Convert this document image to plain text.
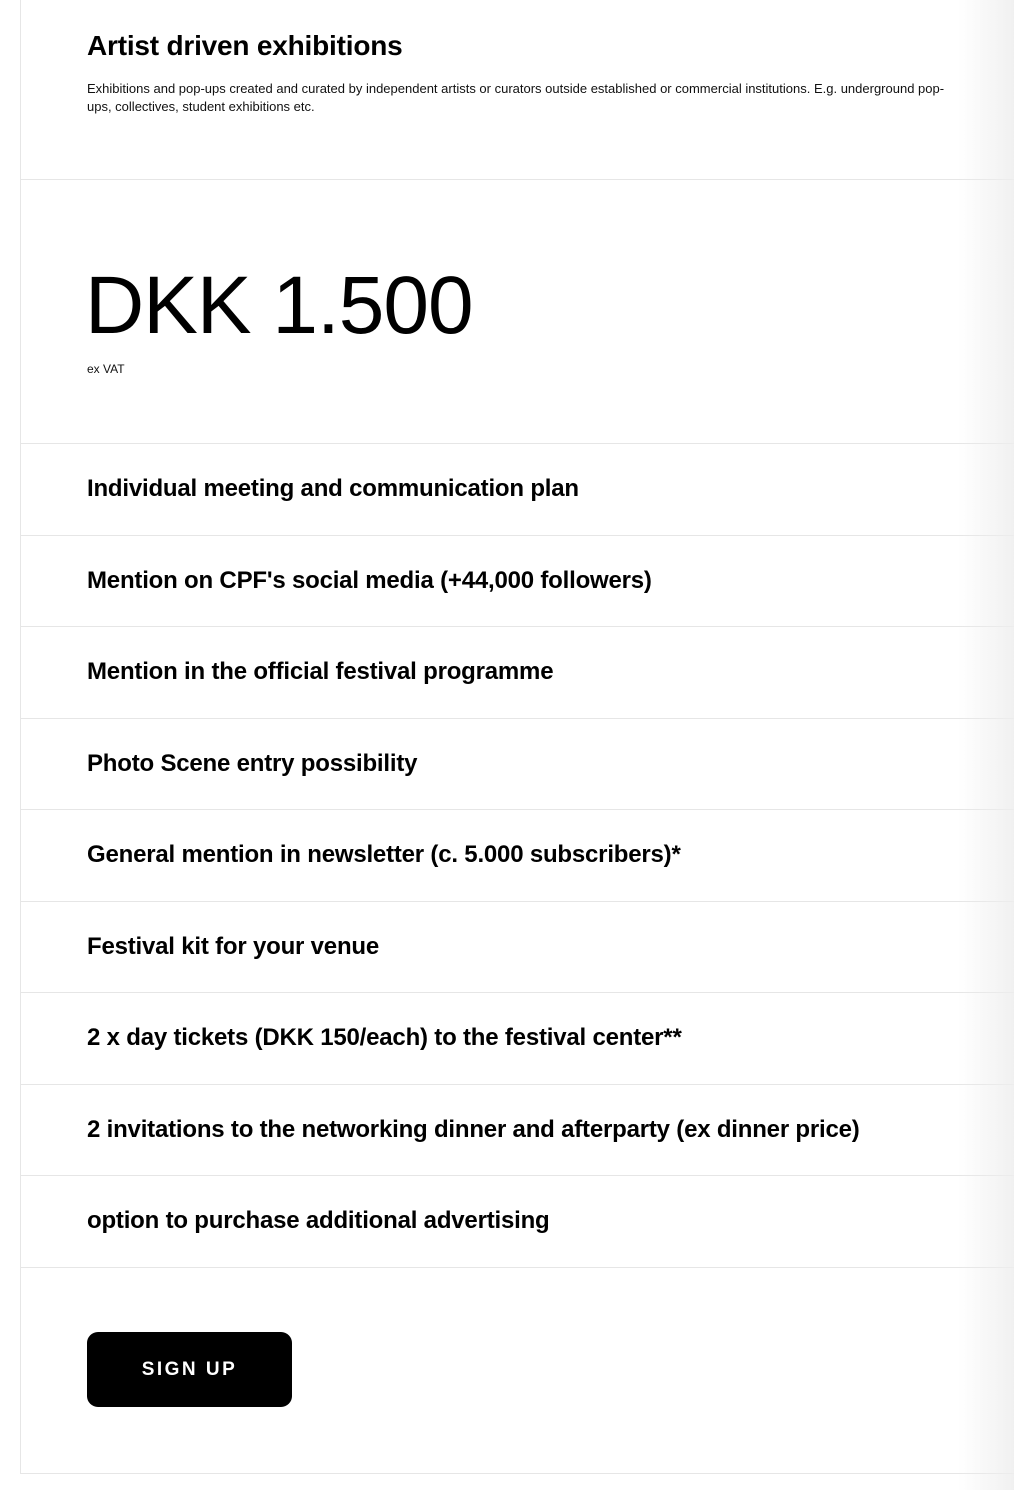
Artist driven exhibitions

Exhibitions and pop-ups created and curated by independent artists or curators outside established or commercial institutions. E.g. underground pop-ups, collectives, student exhibitions etc.

DKK 1.500
ex VAT
Individual meeting and communication plan
Mention on CPF's social media (+44,000 followers)
Mention in the official festival programme
Photo Scene entry possibility
General mention in newsletter (c. 5.000 subscribers)*
Festival kit for your venue
2 x day tickets (DKK 150/each) to the festival center**
2 invitations to the networking dinner and afterparty (ex dinner price)
option to purchase additional advertising
SIGN UP
